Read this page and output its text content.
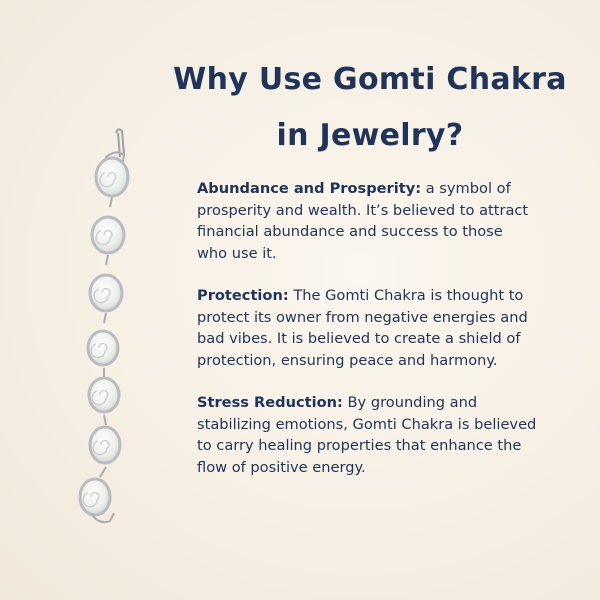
Why Use Gomti Chakra
in Jewelry?

Abundance and Prosperity: a symbol of prosperity and wealth. It’s believed to attract financial abundance and success to those who use it.

Protection: The Gomti Chakra is thought to protect its owner from negative energies and bad vibes. It is believed to create a shield of protection, ensuring peace and harmony.

Stress Reduction: By grounding and stabilizing emotions, Gomti Chakra is believed to carry healing properties that enhance the flow of positive energy.
